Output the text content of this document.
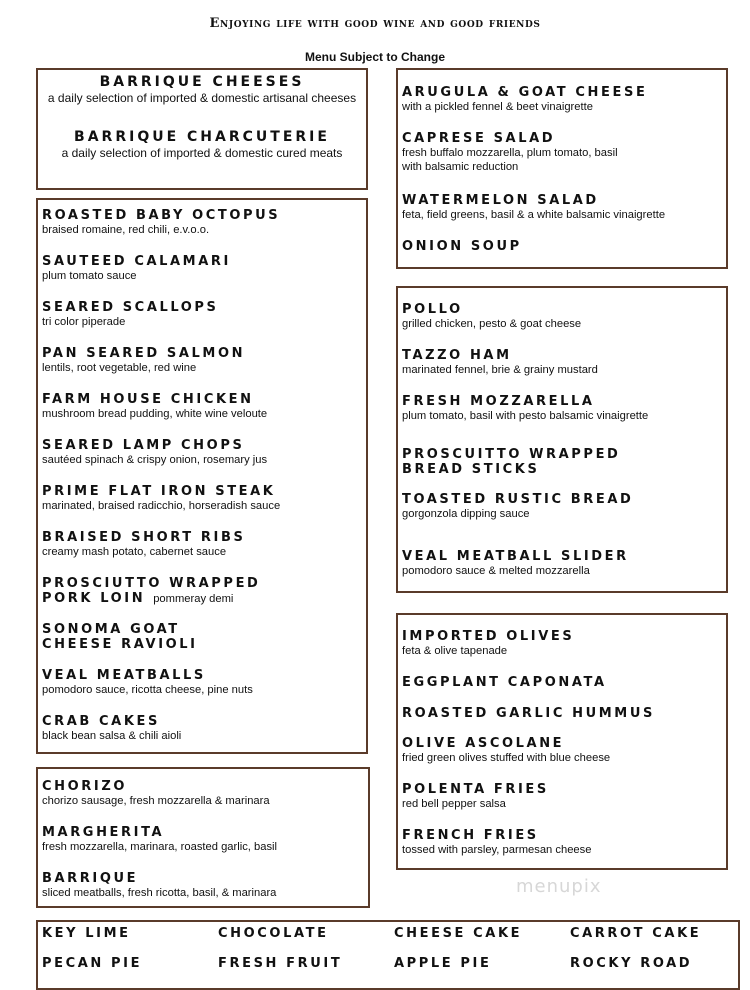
Enjoying life with good wine and good friends
Menu Subject to Change
BARRIQUE CHEESES
a daily selection of imported & domestic artisanal cheeses
BARRIQUE CHARCUTERIE
a daily selection of imported & domestic cured meats
ROASTED BABY OCTOPUS
braised romaine, red chili, e.v.o.o.
SAUTEED CALAMARI
plum tomato sauce
SEARED SCALLOPS
tri color piperade
PAN SEARED SALMON
lentils, root vegetable, red wine
FARM HOUSE CHICKEN
mushroom bread pudding, white wine veloute
SEARED LAMP CHOPS
sautéed spinach & crispy onion, rosemary jus
PRIME FLAT IRON STEAK
marinated, braised radicchio, horseradish sauce
BRAISED SHORT RIBS
creamy mash potato, cabernet sauce
PROSCIUTTO WRAPPED
PORK LOIN pommeray demi
SONOMA GOAT
CHEESE RAVIOLI
VEAL MEATBALLS
pomodoro sauce, ricotta cheese, pine nuts
CRAB CAKES
black bean salsa & chili aioli
CHORIZO
chorizo sausage, fresh mozzarella & marinara
MARGHERITA
fresh mozzarella, marinara, roasted garlic, basil
BARRIQUE
sliced meatballs, fresh ricotta, basil, & marinara
ARUGULA & GOAT CHEESE
with a pickled fennel & beet vinaigrette
CAPRESE SALAD
fresh buffalo mozzarella, plum tomato, basil
with balsamic reduction
WATERMELON SALAD
feta, field greens, basil & a white balsamic vinaigrette
ONION SOUP
POLLO
grilled chicken, pesto & goat cheese
TAZZO HAM
marinated fennel, brie & grainy mustard
FRESH MOZZARELLA
plum tomato, basil with pesto balsamic vinaigrette
PROSCUITTO WRAPPED
BREAD STICKS
TOASTED RUSTIC BREAD
gorgonzola dipping sauce
VEAL MEATBALL SLIDER
pomodoro sauce & melted mozzarella
IMPORTED OLIVES
feta & olive tapenade
EGGPLANT CAPONATA
ROASTED GARLIC HUMMUS
OLIVE ASCOLANE
fried green olives stuffed with blue cheese
POLENTA FRIES
red bell pepper salsa
FRENCH FRIES
tossed with parsley, parmesan cheese
menupix
KEY LIME	CHOCOLATE	CHEESE CAKE	CARROT CAKE
PECAN PIE	FRESH FRUIT	APPLE PIE	ROCKY ROAD
